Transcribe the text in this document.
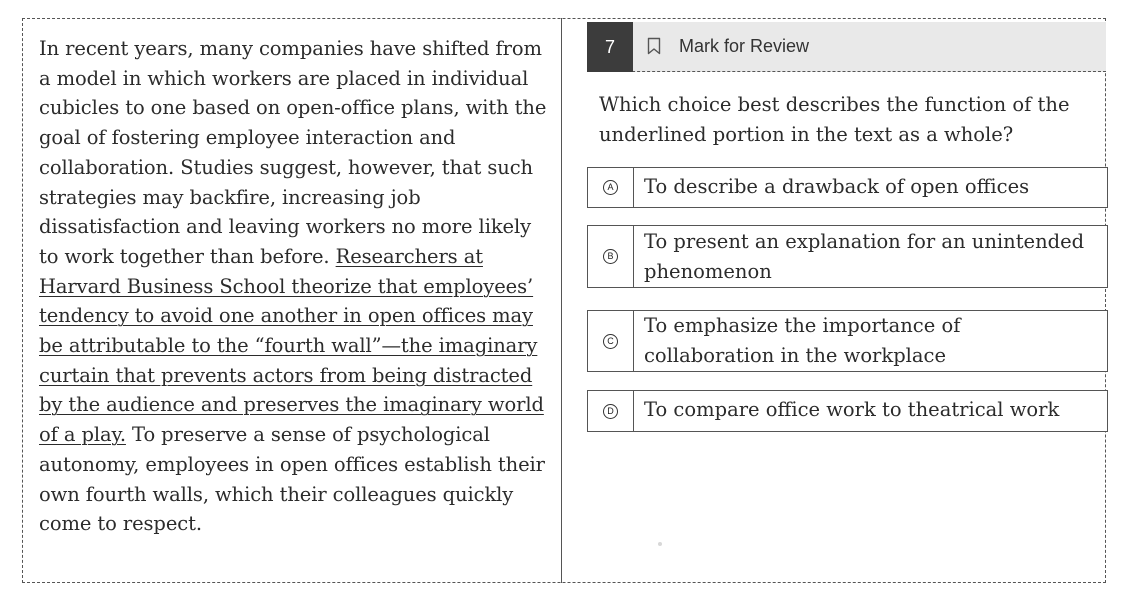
In recent years, many companies have shifted from a model in which workers are placed in individual cubicles to one based on open-office plans, with the goal of fostering employee interaction and collaboration. Studies suggest, however, that such strategies may backfire, increasing job dissatisfaction and leaving workers no more likely to work together than before. Researchers at Harvard Business School theorize that employees’ tendency to avoid one another in open offices may be attributable to the “fourth wall”—the imaginary curtain that prevents actors from being distracted by the audience and preserves the imaginary world of a play. To preserve a sense of psychological autonomy, employees in open offices establish their own fourth walls, which their colleagues quickly come to respect.
7	Mark for Review
Which choice best describes the function of the underlined portion in the text as a whole?
A To describe a drawback of open offices
B
To present an explanation for an unintended phenomenon
C
To emphasize the importance of collaboration in the workplace
D To compare office work to theatrical work
